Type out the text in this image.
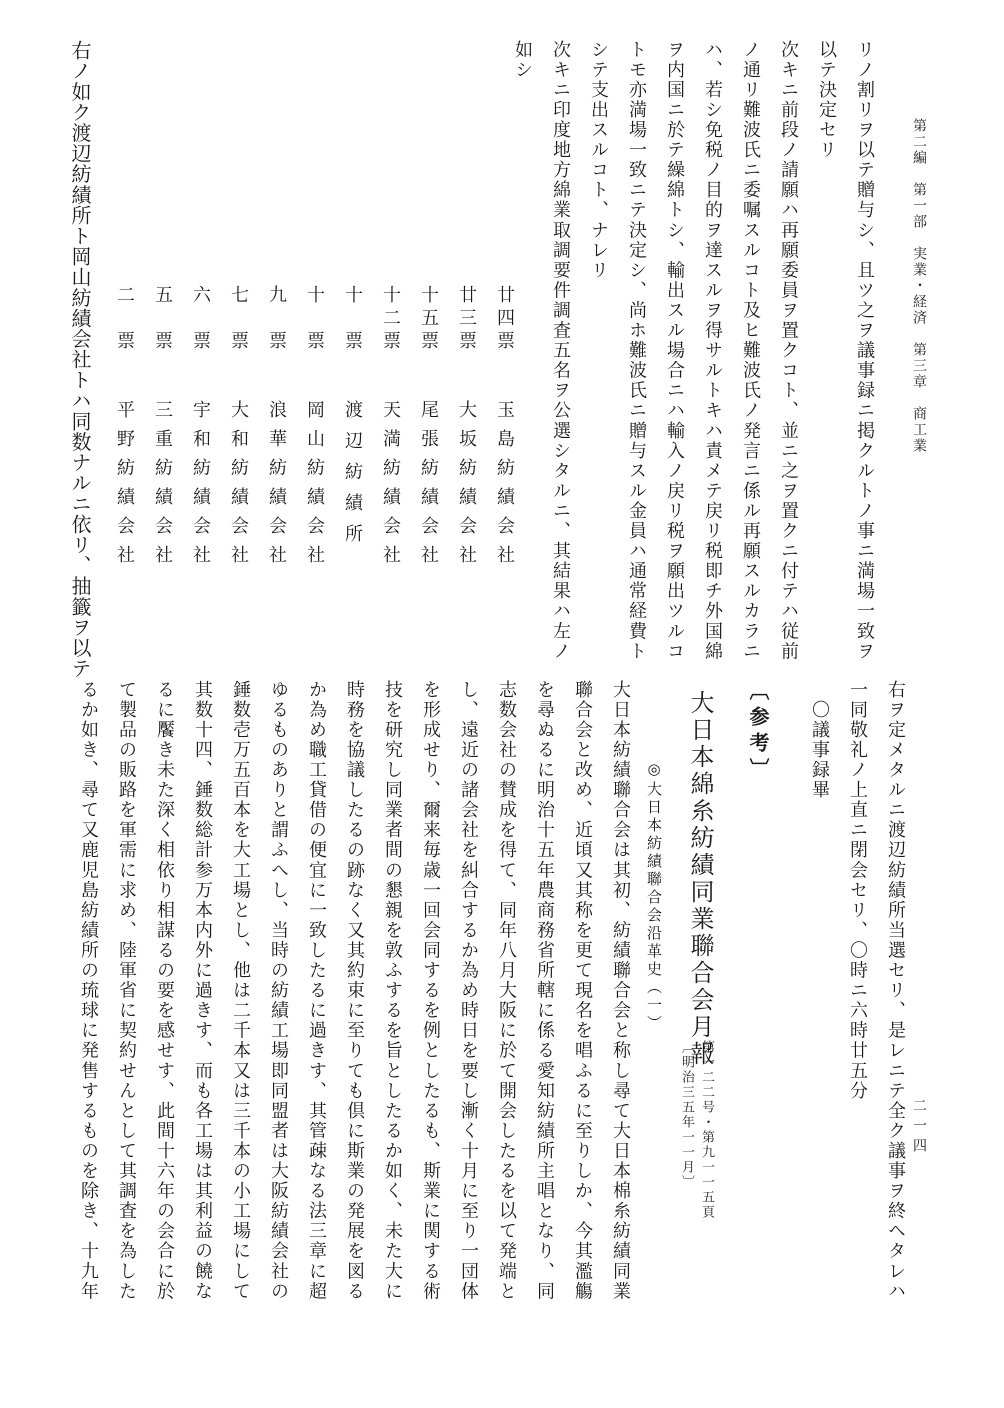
第二編　第一部　実業・経済　第三章　商工業
二一四
リノ割リヲ以テ贈与シ、且ツ之ヲ議事録ニ掲クルトノ事ニ満場一致ヲ
以テ決定セリ
次キニ前段ノ請願ハ再願委員ヲ置クコト、並ニ之ヲ置クニ付テハ従前
ノ通リ難波氏ニ委嘱スルコト及ヒ難波氏ノ発言ニ係ル再願スルカラニ
ハ、若シ免税ノ目的ヲ達スルヲ得サルトキハ責メテ戻リ税即チ外国綿
ヲ内国ニ於テ繰綿トシ、輸出スル場合ニハ輸入ノ戻リ税ヲ願出ツルコ
トモ亦満場一致ニテ決定シ、尚ホ難波氏ニ贈与スル金員ハ通常経費ト
シテ支出スルコト、ナレリ
次キニ印度地方綿業取調要件調査五名ヲ公選シタルニ、其結果ハ左ノ
如シ
廿四票
玉島紡績会社
廿三票
大坂紡績会社
十五票
尾張紡績会社
十二票
天満紡績会社
十　票
渡辺紡績所
十　票
岡山紡績会社
九　票
浪華紡績会社
七　票
大和紡績会社
六　票
宇和紡績会社
五　票
三重紡績会社
二　票
平野紡績会社
右ノ如ク渡辺紡績所ト岡山紡績会社トハ同数ナルニ依リ、抽籤ヲ以テ
右ヲ定メタルニ渡辺紡績所当選セリ、是レニテ全ク議事ヲ終ヘタレハ
一同敬礼ノ上直ニ閉会セリ、〇時ニ六時廿五分
〇議事録畢
〔参考〕
大日本綿糸紡績同業聯合会月報
第一二二号・第九一一五頁
〔明治三五年一一月〕
◎大日本紡績聯合会沿革史（一）
大日本紡績聯合会は其初、紡績聯合会と称し尋て大日本棉糸紡績同業
聯合会と改め、近頃又其称を更て現名を唱ふるに至りしか、今其濫觴
を尋ぬるに明治十五年農商務省所轄に係る愛知紡績所主唱となり、同
志数会社の賛成を得て、同年八月大阪に於て開会したるを以て発端と
し、遠近の諸会社を糾合するか為め時日を要し漸く十月に至り一団体
を形成せり、爾来毎歳一回会同するを例としたるも、斯業に関する術
技を研究し同業者間の懇親を敦ふするを旨としたるか如く、未た大に
時務を協議したるの跡なく又其約束に至りても倶に斯業の発展を図る
か為め職工貸借の便宜に一致したるに過きす、其管疎なる法三章に超
ゆるものありと謂ふへし、当時の紡績工場即同盟者は大阪紡績会社の
錘数壱万五百本を大工場とし、他は二千本又は三千本の小工場にして
其数十四、錘数総計参万本内外に過きす、而も各工場は其利益の饒な
るに饜き未た深く相依り相謀るの要を感せす、此間十六年の会合に於
て製品の販路を軍需に求め、陸軍省に契約せんとして其調査を為した
るか如き、尋て又鹿児島紡績所の琉球に発售するものを除き、十九年
